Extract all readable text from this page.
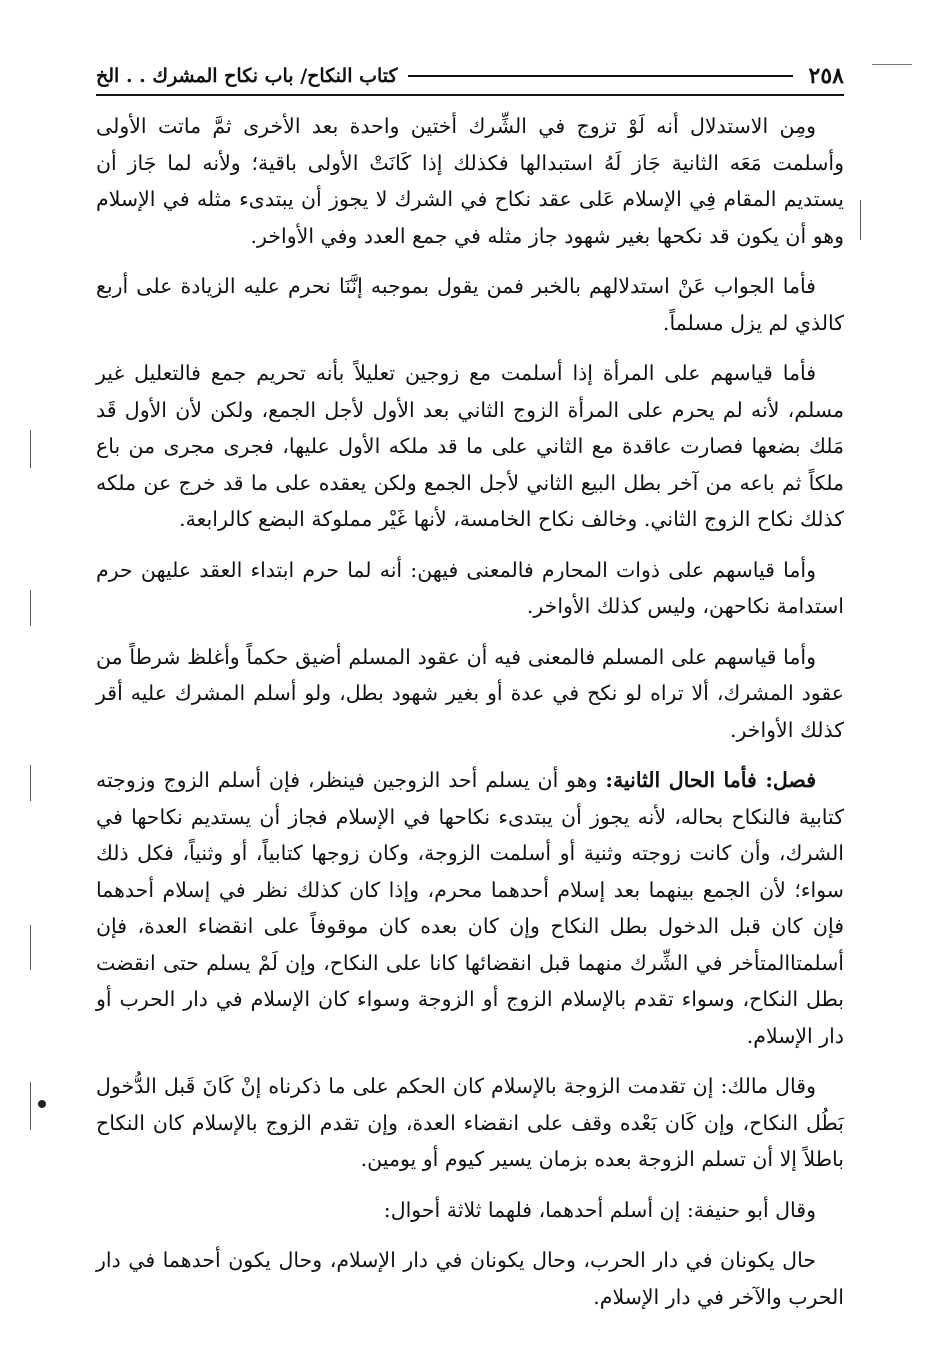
٢٥٨
كتاب النكاح/ باب نكاح المشرك . . الخ

ومِن الاستدلال أنه لَوْ تزوج في الشِّرك أختين واحدة بعد الأخرى ثمَّ ماتت الأولى وأسلمت مَعَه الثانية جَاز لَهُ استبدالها فكذلك إذا كَانَتْ الأولى باقية؛ ولأنه لما جَاز أن يستديم المقام فِي الإسلام عَلى عقد نكاح في الشرك لا يجوز أن يبتدىء مثله في الإسلام وهو أن يكون قد نكحها بغير شهود جاز مثله في جمع العدد وفي الأواخر.

فأما الجواب عَنْ استدلالهم بالخبر فمن يقول بموجبه إنَّنَا نحرم عليه الزيادة على أربع كالذي لم يزل مسلماً.

فأما قياسهم على المرأة إذا أسلمت مع زوجين تعليلاً بأنه تحريم جمع فالتعليل غير مسلم، لأنه لم يحرم على المرأة الزوج الثاني بعد الأول لأجل الجمع، ولكن لأن الأول قَد مَلك بضعها فصارت عاقدة مع الثاني على ما قد ملكه الأول عليها، فجرى مجرى من باع ملكاً ثم باعه من آخر بطل البيع الثاني لأجل الجمع ولكن يعقده على ما قد خرج عن ملكه كذلك نكاح الزوج الثاني. وخالف نكاح الخامسة، لأنها غَيْر مملوكة البضع كالرابعة.

وأما قياسهم على ذوات المحارم فالمعنى فيهن: أنه لما حرم ابتداء العقد عليهن حرم استدامة نكاحهن، وليس كذلك الأواخر.

وأما قياسهم على المسلم فالمعنى فيه أن عقود المسلم أضيق حكماً وأغلظ شرطاً من عقود المشرك، ألا تراه لو نكح في عدة أو بغير شهود بطل، ولو أسلم المشرك عليه أقر كذلك الأواخر.

فصل: فأما الحال الثانية: وهو أن يسلم أحد الزوجين فينظر، فإن أسلم الزوج وزوجته كتابية فالنكاح بحاله، لأنه يجوز أن يبتدىء نكاحها في الإسلام فجاز أن يستديم نكاحها في الشرك، وأن كانت زوجته وثنية أو أسلمت الزوجة، وكان زوجها كتابياً، أو وثنياً، فكل ذلك سواء؛ لأن الجمع بينهما بعد إسلام أحدهما محرم، وإذا كان كذلك نظر في إسلام أحدهما فإن كان قبل الدخول بطل النكاح وإن كان بعده كان موقوفاً على انقضاء العدة، فإن أسلمتاالمتأخر في الشِّرك منهما قبل انقضائها كانا على النكاح، وإن لَمْ يسلم حتى انقضت بطل النكاح، وسواء تقدم بالإسلام الزوج أو الزوجة وسواء كان الإسلام في دار الحرب أو دار الإسلام.

وقال مالك: إن تقدمت الزوجة بالإسلام كان الحكم على ما ذكرناه إنْ كَانَ قَبل الدُّخول بَطُل النكاح، وإن كَان بَعْده وقف على انقضاء العدة، وإن تقدم الزوج بالإسلام كان النكاح باطلاً إلا أن تسلم الزوجة بعده بزمان يسير كيوم أو يومين.

وقال أبو حنيفة: إن أسلم أحدهما، فلهما ثلاثة أحوال:

حال يكونان في دار الحرب، وحال يكونان في دار الإسلام، وحال يكون أحدهما في دار الحرب والآخر في دار الإسلام.
